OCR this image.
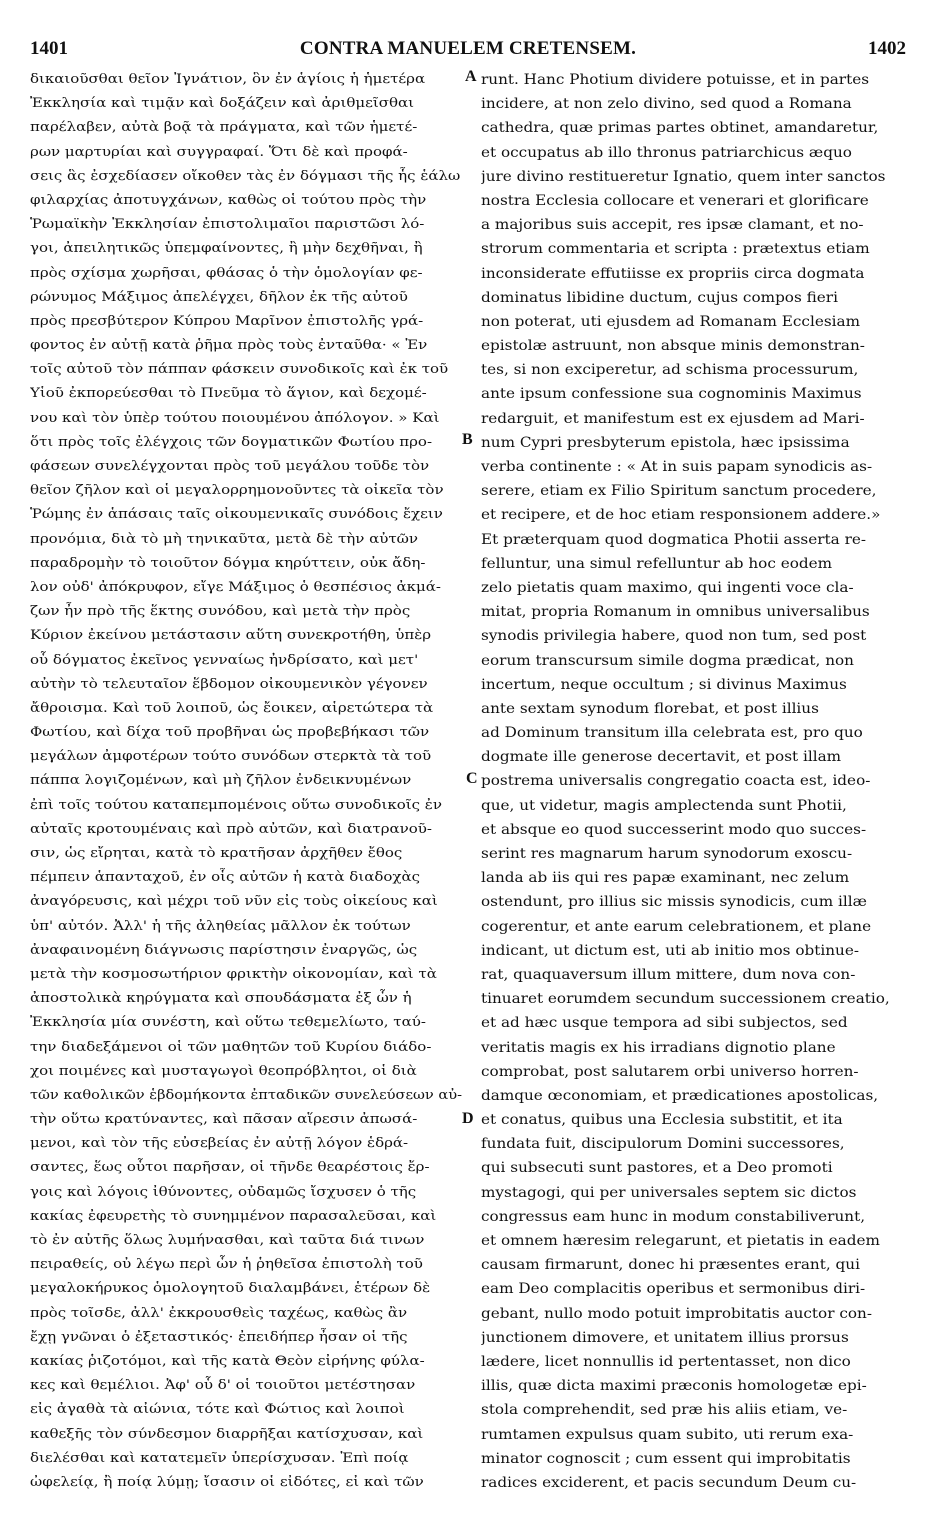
1401	CONTRA MANUELEM CRETENSEM.	1402
δικαιοῦσθαι θεῖον Ἰγνάτιον, ὃν ἐν ἁγίοις ἡ ἡμετέρα
Ἐκκλησία καὶ τιμᾷν καὶ δοξάζειν καὶ ἀριθμεῖσθαι
παρέλαβεν, αὐτὰ βοᾷ τὰ πράγματα, καὶ τῶν ἡμετέ-
ρων μαρτυρίαι καὶ συγγραφαί. Ὅτι δὲ καὶ προφά-
σεις ἃς ἐσχεδίασεν οἴκοθεν τὰς ἐν δόγμασι τῆς ἧς ἑάλω
φιλαρχίας ἀποτυγχάνων, καθὼς οἱ τούτου πρὸς τὴν
Ῥωμαϊκὴν Ἐκκλησίαν ἐπιστολιμαῖοι παριστῶσι λό-
γοι, ἀπειλητικῶς ὑπεμφαίνοντες, ἢ μὴν δεχθῆναι, ἢ
πρὸς σχίσμα χωρῆσαι, φθάσας ὁ τὴν ὁμολογίαν φε-
ρώνυμος Μάξιμος ἀπελέγχει, δῆλον ἐκ τῆς αὐτοῦ
πρὸς πρεσβύτερον Κύπρου Μαρῖνον ἐπιστολῆς γρά-
φοντος ἐν αὐτῇ κατὰ ῥῆμα πρὸς τοὺς ἐνταῦθα· « Ἐν
τοῖς αὐτοῦ τὸν πάππαν φάσκειν συνοδικοῖς καὶ ἐκ τοῦ
Υἱοῦ ἐκπορεύεσθαι τὸ Πνεῦμα τὸ ἅγιον, καὶ δεχομέ-
νου καὶ τὸν ὑπὲρ τούτου ποιουμένου ἀπόλογον. » Καὶ
ὅτι πρὸς τοῖς ἐλέγχοις τῶν δογματικῶν Φωτίου προ-
φάσεων συνελέγχονται πρὸς τοῦ μεγάλου τοῦδε τὸν
θεῖον ζῆλον καὶ οἱ μεγαλορρημονοῦντες τὰ οἰκεῖα τὸν
Ῥώμης ἐν ἁπάσαις ταῖς οἰκουμενικαῖς συνόδοις ἔχειν
προνόμια, διὰ τὸ μὴ τηνικαῦτα, μετὰ δὲ τὴν αὐτῶν
παραδρομὴν τὸ τοιοῦτον δόγμα κηρύττειν, οὐκ ἄδη-
λον οὐδ' ἀπόκρυφον, εἴγε Μάξιμος ὁ θεσπέσιος ἀκμά-
ζων ἦν πρὸ τῆς ἕκτης συνόδου, καὶ μετὰ τὴν πρὸς
Κύριον ἐκείνου μετάστασιν αὕτη συνεκροτήθη, ὑπὲρ
οὗ δόγματος ἐκεῖνος γενναίως ἠνδρίσατο, καὶ μετ'
αὐτὴν τὸ τελευταῖον ἕβδομον οἰκουμενικὸν γέγονεν
ἄθροισμα. Καὶ τοῦ λοιποῦ, ὡς ἔοικεν, αἱρετώτερα τὰ
Φωτίου, καὶ δίχα τοῦ προβῆναι ὡς προβεβήκασι τῶν
μεγάλων ἀμφοτέρων τούτο συνόδων στερκτὰ τὰ τοῦ
πάππα λογιζομένων, καὶ μὴ ζῆλον ἐνδεικνυμένων
ἐπὶ τοῖς τούτου καταπεμπομένοις οὕτω συνοδικοῖς ἐν
αὐταῖς κροτουμέναις καὶ πρὸ αὐτῶν, καὶ διατρανοῦ-
σιν, ὡς εἴρηται, κατὰ τὸ κρατῆσαν ἀρχῆθεν ἔθος
πέμπειν ἁπανταχοῦ, ἐν οἷς αὐτῶν ἡ κατὰ διαδοχὰς
ἀναγόρευσις, καὶ μέχρι τοῦ νῦν εἰς τοὺς οἰκείους καὶ
ὑπ' αὐτόν. Ἀλλ' ἡ τῆς ἀληθείας μᾶλλον ἐκ τούτων
ἀναφαινομένη διάγνωσις παρίστησιν ἐναργῶς, ὡς
μετὰ τὴν κοσμοσωτήριον φρικτὴν οἰκονομίαν, καὶ τὰ
ἀποστολικὰ κηρύγματα καὶ σπουδάσματα ἐξ ὧν ἡ
Ἐκκλησία μία συνέστη, καὶ οὕτω τεθεμελίωτο, ταύ-
την διαδεξάμενοι οἱ τῶν μαθητῶν τοῦ Κυρίου διάδο-
χοι ποιμένες καὶ μυσταγωγοὶ θεοπρόβλητοι, οἱ διὰ
τῶν καθολικῶν ἑβδομήκοντα ἐπταδικῶν συνελεύσεων αὐ-
τὴν οὕτω κρατύναντες, καὶ πᾶσαν αἵρεσιν ἀπωσά-
μενοι, καὶ τὸν τῆς εὐσεβείας ἐν αὐτῇ λόγον ἑδρά-
σαντες, ἕως οὗτοι παρῆσαν, οἱ τῆνδε θεαρέστοις ἔρ-
γοις καὶ λόγοις ἰθύνοντες, οὐδαμῶς ἴσχυσεν ὁ τῆς
κακίας ἐφευρετὴς τὸ συνημμένον παρασαλεῦσαι, καὶ
τὸ ἐν αὐτῆς ὅλως λυμήνασθαι, καὶ ταῦτα διά τινων
πειραθείς, οὐ λέγω περὶ ὧν ἡ ῥηθεῖσα ἐπιστολὴ τοῦ
μεγαλοκήρυκος ὁμολογητοῦ διαλαμβάνει, ἑτέρων δὲ
πρὸς τοῖσδε, ἀλλ' ἐκκρουσθεὶς ταχέως, καθὼς ἂν
ἔχῃ γνῶναι ὁ ἐξεταστικός· ἐπειδήπερ ἦσαν οἱ τῆς
κακίας ῥιζοτόμοι, καὶ τῆς κατὰ Θεὸν εἰρήνης φύλα-
κες καὶ θεμέλιοι. Ἀφ' οὗ δ' οἱ τοιοῦτοι μετέστησαν
εἰς ἀγαθὰ τὰ αἰώνια, τότε καὶ Φώτιος καὶ λοιποὶ
καθεξῆς τὸν σύνδεσμον διαρρῆξαι κατίσχυσαν, καὶ
διελέσθαι καὶ κατατεμεῖν ὑπερίσχυσαν. Ἐπὶ ποίᾳ
ὠφελείᾳ, ἢ ποίᾳ λύμῃ; ἴσασιν οἱ εἰδότες, εἰ καὶ τῶν
runt. Hanc Photium dividere potuisse, et in partes
incidere, at non zelo divino, sed quod a Romana
cathedra, quæ primas partes obtinet, amandaretur,
et occupatus ab illo thronus patriarchicus æquo
jure divino restitueretur Ignatio, quem inter sanctos
nostra Ecclesia collocare et venerari et glorificare
a majoribus suis accepit, res ipsæ clamant, et no-
strorum commentaria et scripta : prætextus etiam
inconsiderate effutiisse ex propriis circa dogmata
dominatus libidine ductum, cujus compos fieri
non poterat, uti ejusdem ad Romanam Ecclesiam
epistolæ astruunt, non absque minis demonstran-
tes, si non exciperetur, ad schisma processurum,
ante ipsum confessione sua cognominis Maximus
redarguit, et manifestum est ex ejusdem ad Mari-
num Cypri presbyterum epistola, hæc ipsissima
verba continente : « At in suis papam synodicis as-
serere, etiam ex Filio Spiritum sanctum procedere,
et recipere, et de hoc etiam responsionem addere.»
Et præterquam quod dogmatica Photii asserta re-
felluntur, una simul refelluntur ab hoc eodem
zelo pietatis quam maximo, qui ingenti voce cla-
mitat, propria Romanum in omnibus universalibus
synodis privilegia habere, quod non tum, sed post
eorum transcursum simile dogma prædicat, non
incertum, neque occultum ; si divinus Maximus
ante sextam synodum florebat, et post illius
ad Dominum transitum illa celebrata est, pro quo
dogmate ille generose decertavit, et post illam
postrema universalis congregatio coacta est, ideo-
que, ut videtur, magis amplectenda sunt Photii,
et absque eo quod successerint modo quo succes-
serint res magnarum harum synodorum exoscu-
landa ab iis qui res papæ examinant, nec zelum
ostendunt, pro illius sic missis synodicis, cum illæ
cogerentur, et ante earum celebrationem, et plane
indicant, ut dictum est, uti ab initio mos obtinue-
rat, quaquaversum illum mittere, dum nova con-
tinuaret eorumdem secundum successionem creatio,
et ad hæc usque tempora ad sibi subjectos, sed
veritatis magis ex his irradians dignotio plane
comprobat, post salutarem orbi universo horren-
damque œconomiam, et prædicationes apostolicas,
et conatus, quibus una Ecclesia substitit, et ita
fundata fuit, discipulorum Domini successores,
qui subsecuti sunt pastores, et a Deo promoti
mystagogi, qui per universales septem sic dictos
congressus eam hunc in modum constabiliverunt,
et omnem hæresim relegarunt, et pietatis in eadem
causam firmarunt, donec hi præsentes erant, qui
eam Deo complacitis operibus et sermonibus diri-
gebant, nullo modo potuit improbitatis auctor con-
junctionem dimovere, et unitatem illius prorsus
lædere, licet nonnullis id pertentasset, non dico
illis, quæ dicta maximi præconis homologetæ epi-
stola comprehendit, sed præ his aliis etiam, ve-
rumtamen expulsus quam subito, uti rerum exa-
minator cognoscit ; cum essent qui improbitatis
radices exciderent, et pacis secundum Deum cu-
A
B
C
D
